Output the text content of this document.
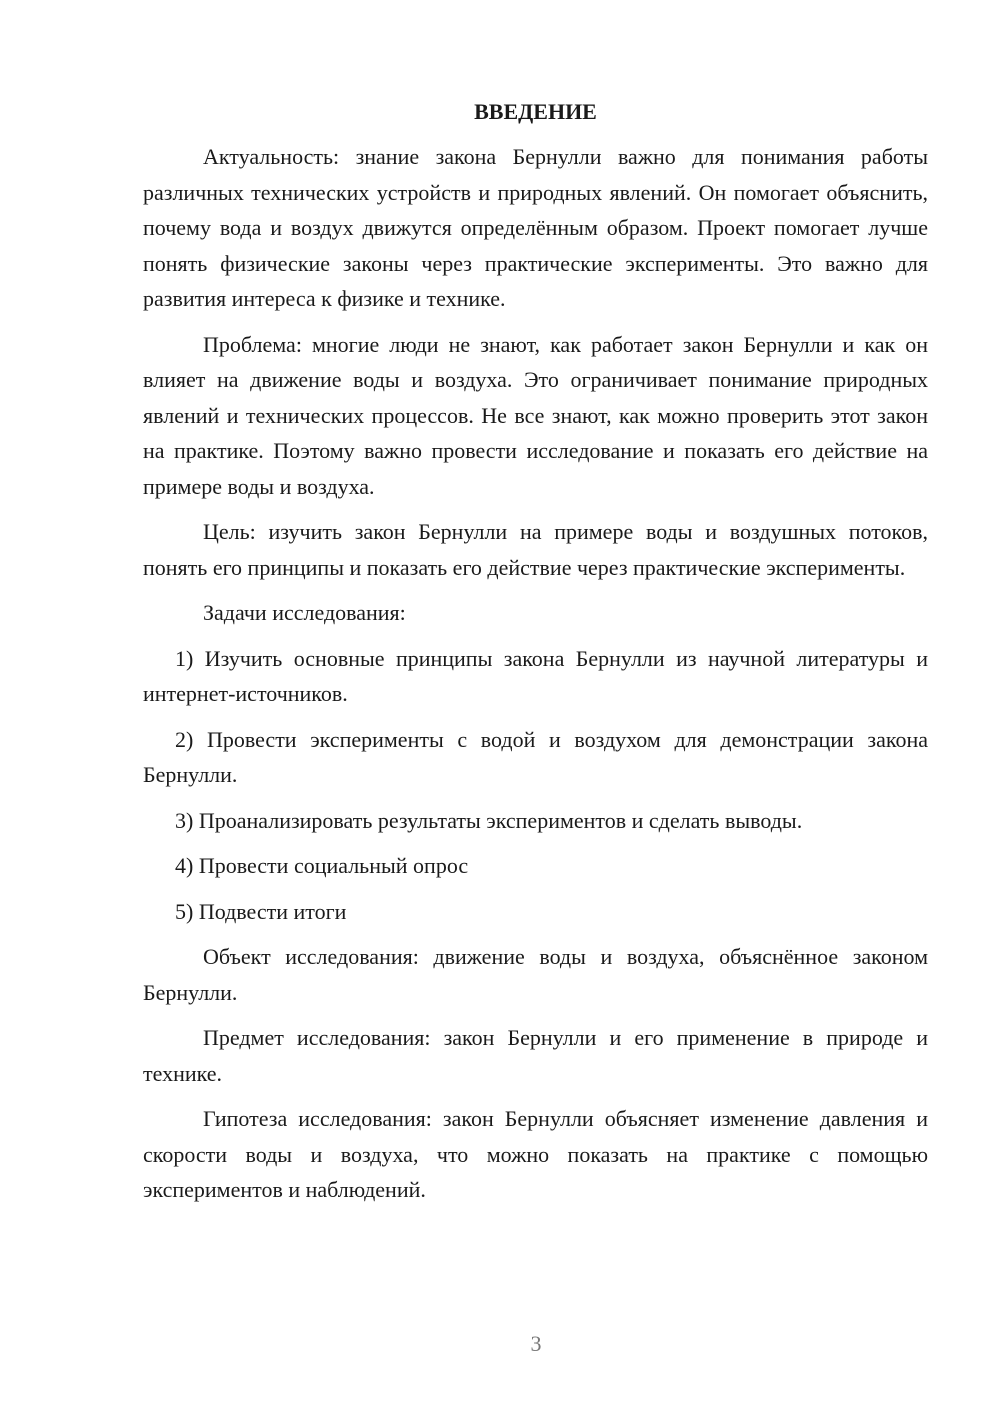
ВВЕДЕНИЕ

Актуальность: знание закона Бернулли важно для понимания работы различных технических устройств и природных явлений. Он помогает объяснить, почему вода и воздух движутся определённым образом. Проект помогает лучше понять физические законы через практические эксперименты. Это важно для развития интереса к физике и технике.

Проблема: многие люди не знают, как работает закон Бернулли и как он влияет на движение воды и воздуха. Это ограничивает понимание природных явлений и технических процессов. Не все знают, как можно проверить этот закон на практике. Поэтому важно провести исследование и показать его действие на примере воды и воздуха.

Цель: изучить закон Бернулли на примере воды и воздушных потоков, понять его принципы и показать его действие через практические эксперименты.

Задачи исследования:

1) Изучить основные принципы закона Бернулли из научной литературы и интернет-источников.

2) Провести эксперименты с водой и воздухом для демонстрации закона Бернулли.

3) Проанализировать результаты экспериментов и сделать выводы.

4) Провести социальный опрос

5) Подвести итоги

Объект исследования: движение воды и воздуха, объяснённое законом Бернулли.

Предмет исследования: закон Бернулли и его применение в природе и технике.

Гипотеза исследования: закон Бернулли объясняет изменение давления и скорости воды и воздуха, что можно показать на практике с помощью экспериментов и наблюдений.

3
